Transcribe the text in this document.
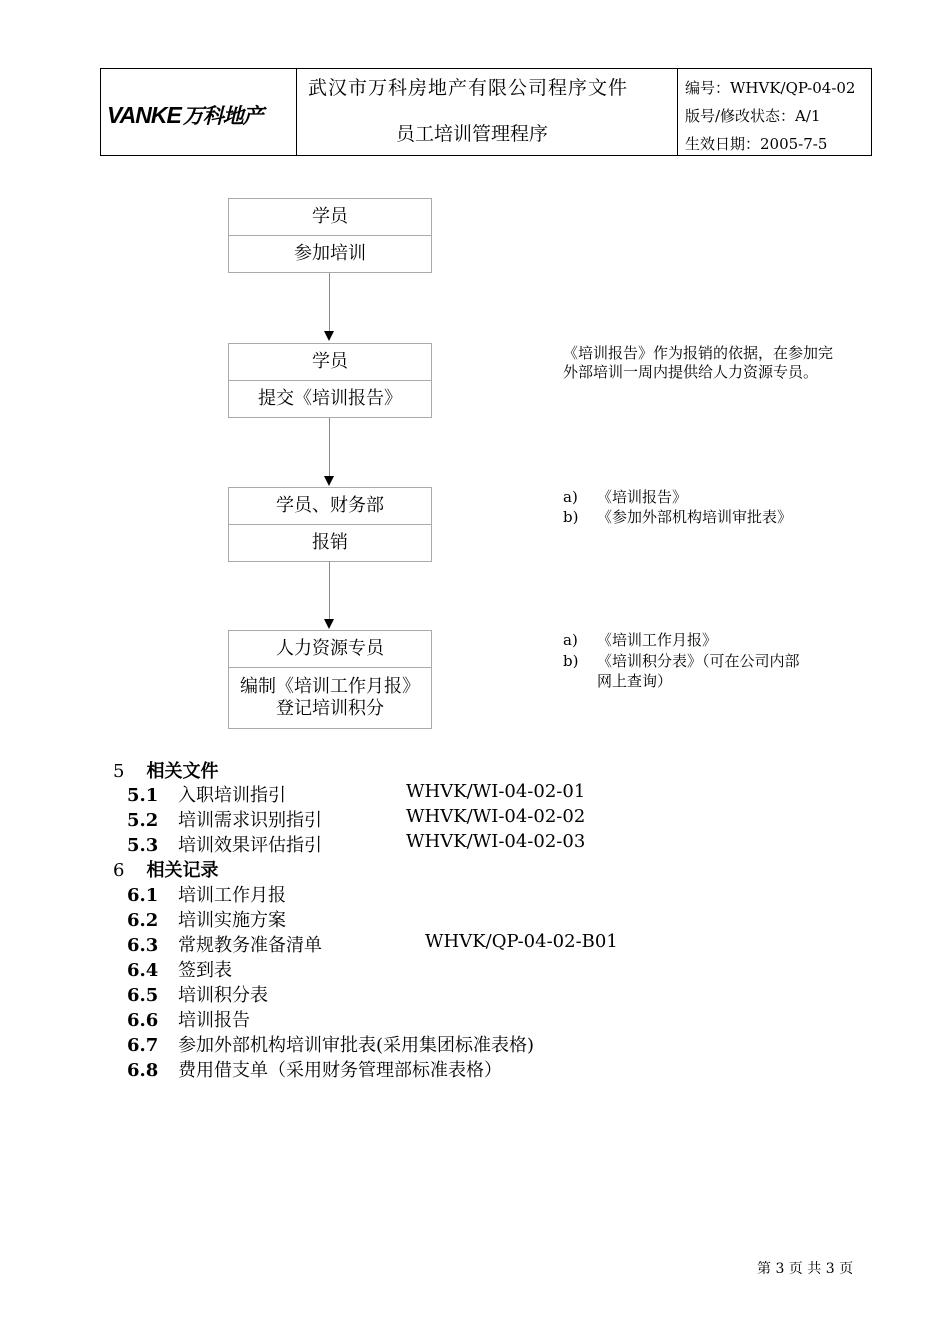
VANKE万科地产
武汉市万科房地产有限公司程序文件
员工培训管理程序
编号：WHVK/QP-04-02
版号/修改状态：A/1
生效日期：2005-7-5
学员
参加培训
学员
提交《培训报告》
学员、财务部
报销
人力资源专员
编制《培训工作月报》
登记培训积分
《培训报告》作为报销的依据，在参加完外部培训一周内提供给人力资源专员。
a) 《培训报告》
b) 《参加外部机构培训审批表》
a) 《培训工作月报》
b) 《培训积分表》（可在公司内部
网上查询）
5 相关文件
5.1 入职培训指引	WHVK/WI-04-02-01
5.2 培训需求识别指引	WHVK/WI-04-02-02
5.3 培训效果评估指引	WHVK/WI-04-02-03
6 相关记录
6.1 培训工作月报
6.2 培训实施方案
6.3 常规教务准备清单	WHVK/QP-04-02-B01
6.4 签到表
6.5 培训积分表
6.6 培训报告
6.7 参加外部机构培训审批表(采用集团标准表格)
6.8 费用借支单（采用财务管理部标准表格）
第 3 页 共 3 页
